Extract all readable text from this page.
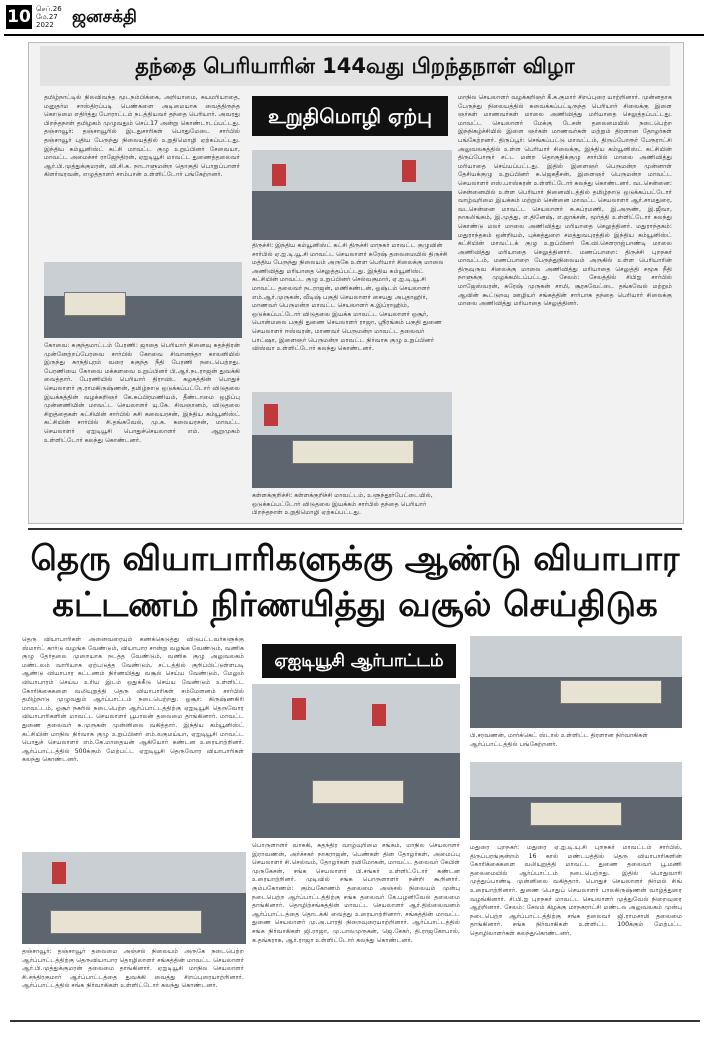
10 செப்.26
மே.27
2022	ஜனசக்தி
தந்தை பெரியாரின் 144வது பிறந்தநாள் விழா
தமிழ்நாட்டில் நிலவிவந்த மூடநம்பிக்கை, அறியாமை, சுயமரியாதை, மனுதர்ம சாஸ்திரப்படி பெண்களை அடிமையாக வைத்திருந்த கொடுமை எதிர்த்து போராட்டம் நடத்தியவர் தந்தை பெரியார். அவரது பிறந்தநாள் தமிழகம் முழுவதும் செப்.17 அன்று கொண்டாடப்பட்டது. தஞ்சாவூர்: தஞ்சாவூரில் இடதுசாரிகள் பொதுமேடை சார்பில் தஞ்சாவூர் புதிய பேருந்து நிலையத்தில் உறுதிமொழி ஏற்கப்பட்டது. இந்திய கம்யூனிஸ்ட் கட்சி மாவட்ட குழு உறுப்பினர் சேவையா, மாவட்ட அமைச்சர் ராஜேந்திரன், ஏஐடியூசி மாவட்ட துணைத்தலைவர் ஆர்.பி.முத்துக்குமரன், வி.சி.க. நாடாளுமன்ற தொகுதி பொறுப்பாளர் கிளர்வரவன், எழுத்தாளர் சாம்பான் உள்ளிட்டோர் பங்கேற்றனர்.
கோவை: சுகுந்தமாட்டம் பேரணி: ஜாதை பெரியார் நினைவு சுதந்திரன் முன்னேற்றப்பேரவை சார்பில் கோவை சிவானந்தா காலனியில் இருந்து காந்திபுரம் வரை சுகுந்த நீதி பேரணி நடைபெற்றது. பேரணியை கோவை மக்களவை உறுப்பினர் பி.ஆர்.நடராஜன் துவக்கி வைத்தார். பேரணியில் பெரியார் திராவிட கழகத்தின் பொதுச் செயலாளர் கு.ராமகிருஷ்ணன், தமிழ்நாடு ஒடுக்கப்பட்டோர் விடுதலை இயக்கத்தின் வழக்கறிஞர் கே.சுப்பிரமணியம், தீண்டாமை ஒழிப்பு முன்னணியின் மாவட்ட செயலாளர் யு.கே. சிவஞானம், விடுதலை சிறுத்தைகள் கட்சியின் சார்பில் சுசி கலையரசன், இந்திய கம்யூனிஸ்ட் கட்சியின் சார்பில் சி.தங்கவேல், மு.க. கலையரசன், மாவட்ட செயலாளர் ஏஐடியூசி பொதுச்செயலாளர் எம். ஆறுமுகம் உள்ளிட்டோர் கலந்து கொண்டனர்.
உறுதிமொழி ஏற்பு
திருச்சி: இந்திய கம்யூனிஸ்ட் கட்சி திருச்சி மாநகர் மாவட்ட குழுவின் சார்பில் ஏ.ஐ.டி.யூ.சி மாவட்ட செயலாளர் சுரேஷ் தலைமையில் திருச்சி மத்திய பேருந்து நிலையம் அருகே உள்ள பெரியார் சிலைக்கு மாலை அணிவித்து மரியாதை செலுத்தப்பட்டது. இந்திய கம்யூனிஸ்ட் கட்சியின் மாவட்ட குழு உறுப்பினர் செல்வகுமார், ஏ.ஐ.டி.யூ.சி மாவட்ட தலைவர் நடராஜன், மணிகண்டன், ஓஷ்டம் செயலாளர் எம்.ஆர்.முருகன், வீடிஷ் பகுதி செயலாளர் சையது அபுதாஹிர், மாணவர் பெருமன்ற மாவட்ட செயலாளர் க.இப்ராஹிம், ஒடுக்கப்பட்டோர் விடுதலை இயக்க மாவட்ட செயலாளர் ஒசூர், பொன்மலை பகுதி துணை செயலாளர் ராஜா, ஸ்ரீரங்கம் பகுதி துணை செயலாளர் ஈஸ்வரன், மாணவர் பெருமன்ற மாவட்ட தலைவர் பாட்ஷா, இளைஞர் பெருமன்ற மாவட்ட நிர்வாக குழு உறுப்பினர் விஸ்வா உள்ளிட்டோர் கலந்து கொண்டனர்.
கள்ளக்குறிச்சி: கள்ளக்குறிச்சி மாவட்டம், உளுந்தூர்பேட்டையில், ஒடுக்கப்பட்டோர் விடுதலை இயக்கம் சார்பில் தந்தை பெரியார் பிறந்தநாள் உறுதிமொழி ஏற்கப்பட்டது.
மாநில செயலாளர் வழக்கறிஞர் கீ.சு.குமார் சிறப்புரை யாற்றினார். முன்னதாக பேருந்து நிலையத்தில் சுவைக்கப்பட்டிருந்த பெரியார் சிலைக்கு இளை ஞர்கள் மாணவர்கள் மாலை அணிவித்து மரியாதை செலுத்தப்பட்டது. மாவட்ட செயலாளர் மேக்கு டேசன் தலைமையில் நடைபெற்ற இந்நிகழ்ச்சியில் இளை ஞர்கள் மாணவர்கள் மற்றும் திரளான தோழர்கள் பங்கேற்றனர். திருப்பூர்: செங்கப்பட்டு மாவட்டம், திருப்போரூர் பேரூராட்சி அலுவலகத்தில் உள்ள பெரியார் சிலைக்கு, இந்திய கம்யூனிஸ்ட் கட்சியின் திருப்போரூர் சட்ட மன்ற தொகுதிக்குழு சார்பில் மாலை அணிவித்து மரியாதை செய்யப்பட்டது. இதில் இளைஞர் பெருமன்ற முன்னாள் தேசியக்குழு உறுப்பினர் சு.ஜெகதீசன், இளைஞர் பெருமன்ற மாவட்ட செயலாளர் எஸ்.பாஸ்கரன் உள்ளிட்டோர் கலந்து கொண்டனர். வடசென்னை: சென்னையில் உள்ள பெரியார் நினைவிடத்தில் தமிழ்நாடு ஒடுக்கப்பட்டோர் வாழ்வுரிமை இயக்கம் மற்றும் சென்னை மாவட்ட செயலாளர் ஆர்.சாமதுரை, வடசென்னை மாவட்ட செயலாளர் சு.சுப்ரமணி, இ.அருண், இ.ஜீவா, நாகலிங்கம், இ.முத்து, எ.தினேஷ், எ.ஜாக்சன், மூர்த்தி உள்ளிட்டோர் கலந்து கொண்டு மலர் மாலை அணிவித்து மரியாதை செலுத்தினர். மதுராந்தகம்: மதுராந்தகம் ஒன்றியம், புக்கத்துறை சமத்துவபுரத்தில் இந்திய கம்யூனிஸ்ட் கட்சியின் மாவட்டக் குழு உறுப்பினர் கே.வி.செளராஜ்பாண்டி மாலை அணிவித்து மரியாதை செலுத்தினார். மணப்பாறை: திருச்சி புறநகர் மாவட்டம், மணப்பாறை பேருந்துநிலையம் அருகில் உள்ள பெரியாரின் திருவுருவ சிலைக்கு மாலை அணிவித்து மரியாதை செலுத்தி சமூக நீதி நாளுக்கு முழக்கமிடப்பட்டது. சேலம்: சேலத்தில் சிபிஐ சார்பில் மாஜேஸ்வரன், சுரேஷ் முருகன் சாமி, சூரகவேட்டை தங்கவேல் மற்றும் ஆவின் கூட்டுறவு ஊழியர் சங்கத்தின் சார்பாக தந்தை பெரியார் சிலைக்கு மாலை அணிவித்து மரியாதை செலுத்தினர்.
தெரு வியாபாரிகளுக்கு ஆண்டு வியாபார
கட்டணம் நிர்ணயித்து வசூல் செய்திடுக
தெரு வியாபாரிகள் அனைவரையும் கணக்கெடுத்து விடுபட்டவர்களுக்கு ஸ்மார்ட் கார்டு வழங்க வேண்டும், வியாபார சான்று வழங்க வேண்டும், வணிக குழு தேர்தலை முறையாக நடத்த வேண்டும், வணிக குழு அலுவலகம் மண்டலம் வாரியாக ஏற்படுத்த வேண்டும், சட்டத்தில் குறிப்பிட்டுள்ளபடி ஆண்டு வியாபார கட்டணம் நிர்ணயித்து வசூல் செய்ய வேண்டும், மேலும் வியாபாரம் செய்ய உரிய இடம் ஒதுக்கீடு செய்ய வேண்டும் உள்ளிட்ட கோரிக்கைகளை வலியுறுத்தி தெரு வியாபாரிகள் சம்மேளனம் சார்பில் தமிழ்நாடு முழுவதும் ஆர்ப்பாட்டம் நடைபெற்றது. ஓசூர்: கிருஷ்ணகிரி மாவட்டம், ஓசூர் நகரில் நடைபெற்ற ஆர்ப்பாட்டத்திற்கு ஏஐடியூசி தெருவோர வியாபாரிகளின் மாவட்ட செயலாளர் பூபாலன் தலைமை தாங்கினார். மாவட்ட துணை தலைவர் சு.முருகன் முன்னிலை வகித்தார். இந்திய கம்யூனிஸ்ட் கட்சியின் மாநில நிர்வாக குழு உறுப்பினர் எம்.லகுமய்யா, ஏஐடியூசி மாவட்ட பொதுச் செயலாளர் எம்.கே.மாதையன் ஆகியோர் கண்டன உரையாற்றினர். ஆர்ப்பாட்டத்தில் 500க்கும் மேற்பட்ட ஏஐடியூசி தெருவோர வியாபாரிகள் கலந்து கொண்டனர்.
தஞ்சாவூர்: தஞ்சாவூர் தலைமை அஞ்சல் நிலையம் அருகே நடைபெற்ற ஆர்ப்பாட்டத்திற்கு தெருவியாபார தொழிலாளர் சங்கத்தின் மாவட்ட செயலாளர் ஆர்.பி.முத்துக்குமரன் தலைமை தாங்கினார். ஏஐடியூசி மாநில செயலாளர் சி.சந்திரகுமார் ஆர்ப்பாட்டத்தை துவக்கி வைத்து சிறப்புரையாற்றினார். ஆர்ப்பாட்டத்தில் சங்க நிர்வாகிகள் உள்ளிட்டோர் கலந்து கொண்டனர்.
ஏஐடியூசி ஆர்பாட்டம்
பொருளாளர் வாசுகி, சுதந்திர வாழ்வுரிமை சங்கம், மாநில செயலாளர் இராவணன், அர்ச்சகர் நாகராஜன், பெண்கள் தின தோழர்கள், அமைப்பு செயலாளர் சி.செல்வம், தோழர்கள் ரவிமோகன், மாவட்ட தலைவர் கேபிள் முருகேசன், சங்க செயலாளர் பி.சங்கர் உள்ளிட்டோர் கண்டன உரையாற்றினர். முடிவில் சங்க பொருளாளர் நன்றி கூறினார். கும்பகோணம்: கும்பகோணம் தலைமை அஞ்சல் நிலையம் முன்பு நடைபெற்ற ஆர்ப்பாட்டத்திற்கு சங்க தலைவர் கே.பழனிவேல் தலைமை தாங்கினார். தொழிற்சங்கத்தின் மாவட்ட செயலாளர் ஆர்.தில்லைவனம் ஆர்ப்பாட்டத்தை தொடக்கி வைத்து உரையாற்றினார். சங்கத்தின் மாவட்ட துணை செயலாளர் மு.அ.பாரதி நிறைவுரையாற்றினார். ஆர்ப்பாட்டத்தில் சங்க நிர்வாகிகள் ஜி.ராஜா, மு.பாலமுருகன், ஜெ.சேகர், தி.ராஜகோபால், க.தங்கராசு, ஆர்.ராஜா உள்ளிட்டோர் கலந்து கொண்டனர்.
பி.சரவணன், மார்க்கெட் ஸ்டால் உள்ளிட்ட திரளான நிர்வாகிகள் ஆர்ப்பாட்டத்தில் பங்கேற்றனர்.
மதுரை புறநகர்: மதுரை ஏ.ஐ.டி.யு.சி புறநகர் மாவட்டம் சார்பில், திருப்பரங்குன்றம் 16 கால் மண்டபத்தில் தெரு வியாபாரிகளின் கோரிக்கைகளை வலியுறுத்தி மாவட்ட துணை தலைவர் பூ.மணி தலைமையில் ஆர்ப்பாட்டம் நடைபெற்றது. இதில் பொதுவாரி முத்துப்பாண்டி முன்னிலை வகித்தார். பொதுச் செயலாளர் நிர்மல் சிங் உரையாற்றினார். துணை பொதுப் செயலாளர் பாலகிருஷ்ணன் வாழ்த்துரை வழங்கினார். சி.பி.ஐ புறநகர் மாவட்ட செயலாளர் முத்துவேல் நிறைவுரை ஆற்றினார். சேலம்: சேலம் கிழக்கு மாநகராட்சி மண்டல அலுவலகம் முன்பு நடைபெற்ற ஆர்ப்பாட்டத்திற்கு சங்க தலைவர் ஜி.ராமசாமி தலைமை தாங்கினார். சங்க நிர்வாகிகள் உள்ளிட்ட 100க்கும் மேற்பட்ட தொழிலாளர்கள் கலந்துகொண்டனர்.
